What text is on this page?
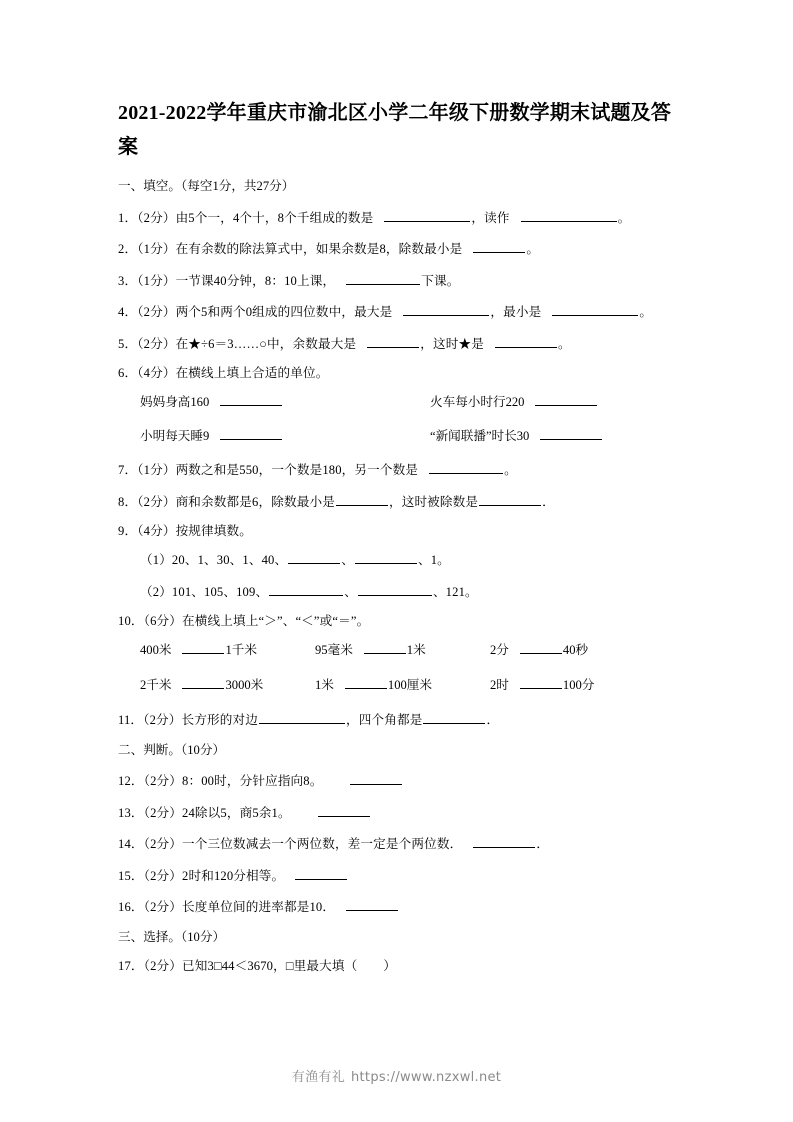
2021-2022学年重庆市渝北区小学二年级下册数学期末试题及答案

一、填空。（每空1分，共27分）

1．（2分）由5个一，4个十，8个千组成的数是	，读作	。

2．（1分）在有余数的除法算式中，如果余数是8，除数最小是	。

3．（1分）一节课40分钟，8：10上课，	下课。

4．（2分）两个5和两个0组成的四位数中，最大是	，最小是	。

5．（2分）在★÷6＝3……○中，余数最大是	，这时★是	。

6．（4分）在横线上填上合适的单位。

妈妈身高160	火车每小时行220

小明每天睡9	“新闻联播”时长30

7．（1分）两数之和是550，一个数是180，另一个数是	。

8．（2分）商和余数都是6，除数最小是	，这时被除数是	．

9．（4分）按规律填数。

（1）20、1、30、1、40、	、	、1。

（2）101、105、109、	、	、121。

10．（6分）在横线上填上“＞”、“＜”或“＝”。

400米	1千米	95毫米	1米	2分	40秒

2千米	3000米	1米	100厘米	2时	100分

11．（2分）长方形的对边	，四个角都是	．

二、判断。（10分）

12．（2分）8：00时，分针应指向8。

13．（2分）24除以5，商5余1。

14．（2分）一个三位数减去一个两位数，差一定是个两位数．	．

15．（2分）2时和120分相等。

16．（2分）长度单位间的进率都是10．

三、选择。（10分）

17．（2分）已知3□44＜3670，□里最大填（ ）

有渔有礼 https://www.nzxwl.net
